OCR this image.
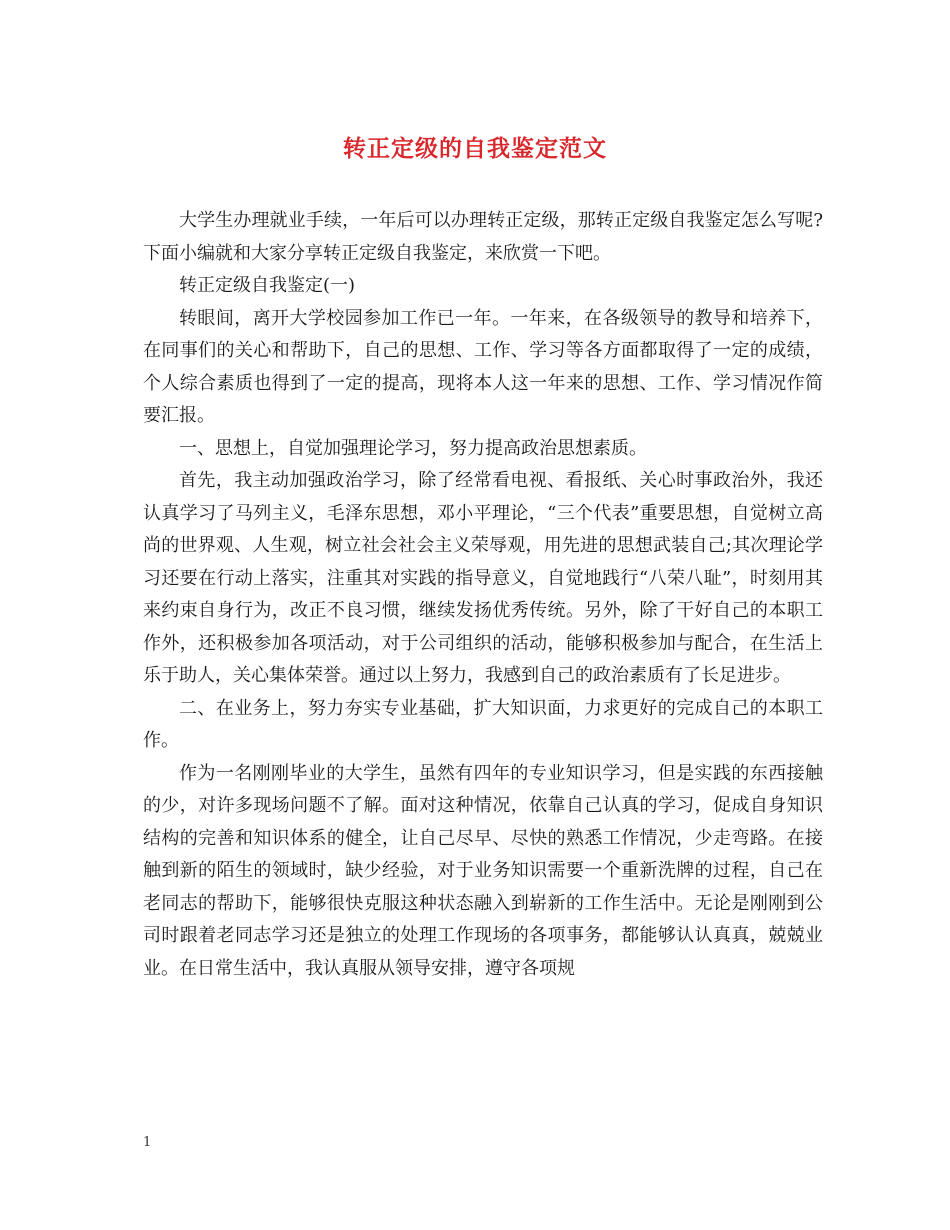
转正定级的自我鉴定范文

大学生办理就业手续，一年后可以办理转正定级，那转正定级自我鉴定怎么写呢?下面小编就和大家分享转正定级自我鉴定，来欣赏一下吧。

转正定级自我鉴定(一)

转眼间，离开大学校园参加工作已一年。一年来，在各级领导的教导和培养下，在同事们的关心和帮助下，自己的思想、工作、学习等各方面都取得了一定的成绩，个人综合素质也得到了一定的提高，现将本人这一年来的思想、工作、学习情况作简要汇报。

一、思想上，自觉加强理论学习，努力提高政治思想素质。

首先，我主动加强政治学习，除了经常看电视、看报纸、关心时事政治外，我还认真学习了马列主义，毛泽东思想，邓小平理论，“三个代表”重要思想，自觉树立高尚的世界观、人生观，树立社会社会主义荣辱观，用先进的思想武装自己;其次理论学习还要在行动上落实，注重其对实践的指导意义，自觉地践行“八荣八耻”，时刻用其来约束自身行为，改正不良习惯，继续发扬优秀传统。另外，除了干好自己的本职工作外，还积极参加各项活动，对于公司组织的活动，能够积极参加与配合，在生活上乐于助人，关心集体荣誉。通过以上努力，我感到自己的政治素质有了长足进步。

二、在业务上，努力夯实专业基础，扩大知识面，力求更好的完成自己的本职工作。

作为一名刚刚毕业的大学生，虽然有四年的专业知识学习，但是实践的东西接触的少，对许多现场问题不了解。面对这种情况，依靠自己认真的学习，促成自身知识结构的完善和知识体系的健全，让自己尽早、尽快的熟悉工作情况，少走弯路。在接触到新的陌生的领域时，缺少经验，对于业务知识需要一个重新洗牌的过程，自己在老同志的帮助下，能够很快克服这种状态融入到崭新的工作生活中。无论是刚刚到公司时跟着老同志学习还是独立的处理工作现场的各项事务，都能够认认真真，兢兢业业。在日常生活中，我认真服从领导安排，遵守各项规

1
